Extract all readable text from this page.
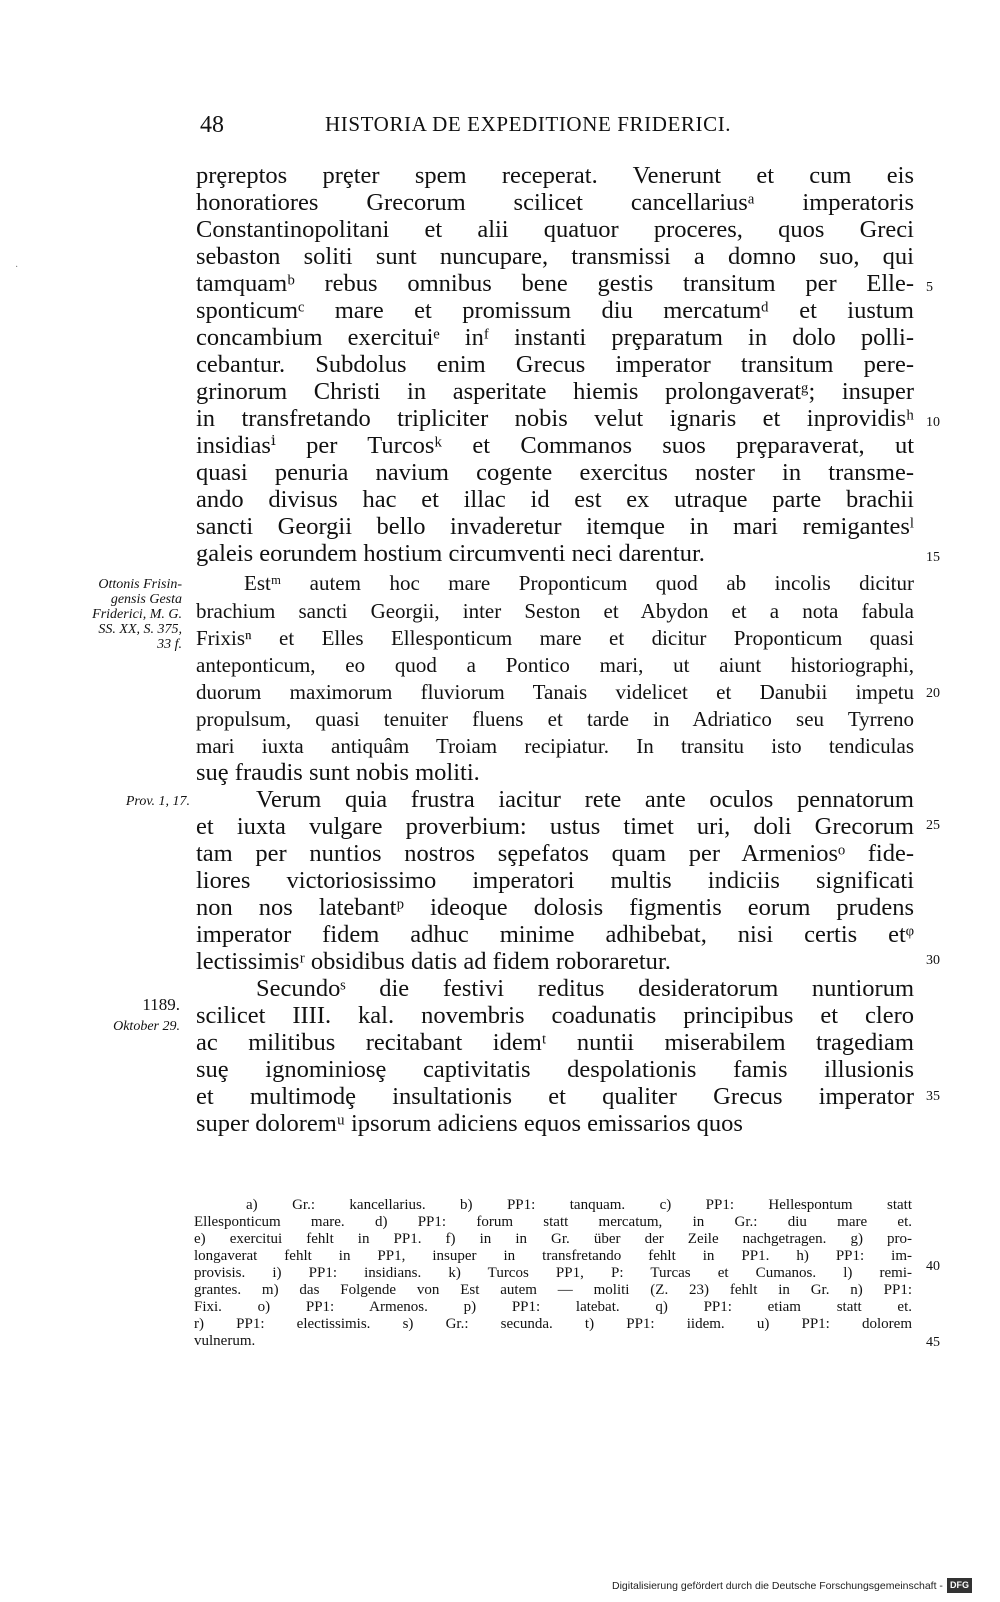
48	HISTORIA DE EXPEDITIONE FRIDERICI.
·
prȩreptos prȩter spem receperat. Venerunt et cum eis
honoratiores Grecorum scilicet cancellariusᵃ imperatoris
Constantinopolitani et alii quatuor proceres, quos Greci
sebaston soliti sunt nuncupare, transmissi a domno suo, qui
tamquamᵇ rebus omnibus bene gestis transitum per Elle-
sponticumᶜ mare et promissum diu mercatumᵈ et iustum
concambium exercituiᵉ inᶠ instanti prȩparatum in dolo polli-
cebantur. Subdolus enim Grecus imperator transitum pere-
grinorum Christi in asperitate hiemis prolongaveratᵍ; insuper
in transfretando tripliciter nobis velut ignaris et inprovidisʰ
insidiasⁱ per Turcosᵏ et Commanos suos prȩparaverat, ut
quasi penuria navium cogente exercitus noster in transme-
ando divisus hac et illac id est ex utraque parte brachii
sancti Georgii bello invaderetur itemque in mari remigantesˡ
galeis eorundem hostium circumventi neci darentur.
Estᵐ autem hoc mare Proponticum quod ab incolis dicitur
brachium sancti Georgii, inter Seston et Abydon et a nota fabula
Frixisⁿ et Elles Ellesponticum mare et dicitur Proponticum quasi
anteponticum, eo quod a Pontico mari, ut aiunt historiographi,
duorum maximorum fluviorum Tanais videlicet et Danubii impetu
propulsum, quasi tenuiter fluens et tarde in Adriatico seu Tyrreno
mari iuxta antiquâm Troiam recipiatur. In transitu isto tendiculas
suȩ fraudis sunt nobis moliti.
Verum quia frustra iacitur rete ante oculos pennatorum
et iuxta vulgare proverbium: ustus timet uri, doli Grecorum
tam per nuntios nostros sȩpefatos quam per Armeniosᵒ fide-
liores victoriosissimo imperatori multis indiciis significati
non nos latebantᵖ ideoque dolosis figmentis eorum prudens
imperator fidem adhuc minime adhibebat, nisi certis etᵠ
lectissimisʳ obsidibus datis ad fidem roboraretur.
Secundoˢ die festivi reditus desideratorum nuntiorum
scilicet IIII. kal. novembris coadunatis principibus et clero
ac militibus recitabant idemᵗ nuntii miserabilem tragediam
suȩ ignominiosȩ captivitatis despolationis famis illusionis
et multimodȩ insultationis et qualiter Grecus imperator
super doloremᵘ ipsorum adiciens equos emissarios quos
5
10
15
20
25
30
35
40
45
Ottonis Frisin-
gensis Gesta
Friderici, M. G.
SS. XX, S. 375,
33 f.
Prov. 1, 17.
1189.
Oktober 29.
a) Gr.: kancellarius. b) PP1: tanquam. c) PP1: Hellespontum statt
Ellesponticum mare. d) PP1: forum statt mercatum, in Gr.: diu mare et.
e) exercitui fehlt in PP1. f) in in Gr. über der Zeile nachgetragen. g) pro-
longaverat fehlt in PP1, insuper in transfretando fehlt in PP1. h) PP1: im-
provisis. i) PP1: insidians. k) Turcos PP1, P: Turcas et Cumanos. l) remi-
grantes. m) das Folgende von Est autem — moliti (Z. 23) fehlt in Gr. n) PP1:
Fixi. o) PP1: Armenos. p) PP1: latebat. q) PP1: etiam statt et.
r) PP1: electissimis. s) Gr.: secunda. t) PP1: iidem. u) PP1: dolorem
vulnerum.
Digitalisierung gefördert durch die Deutsche Forschungsgemeinschaft - DFG
